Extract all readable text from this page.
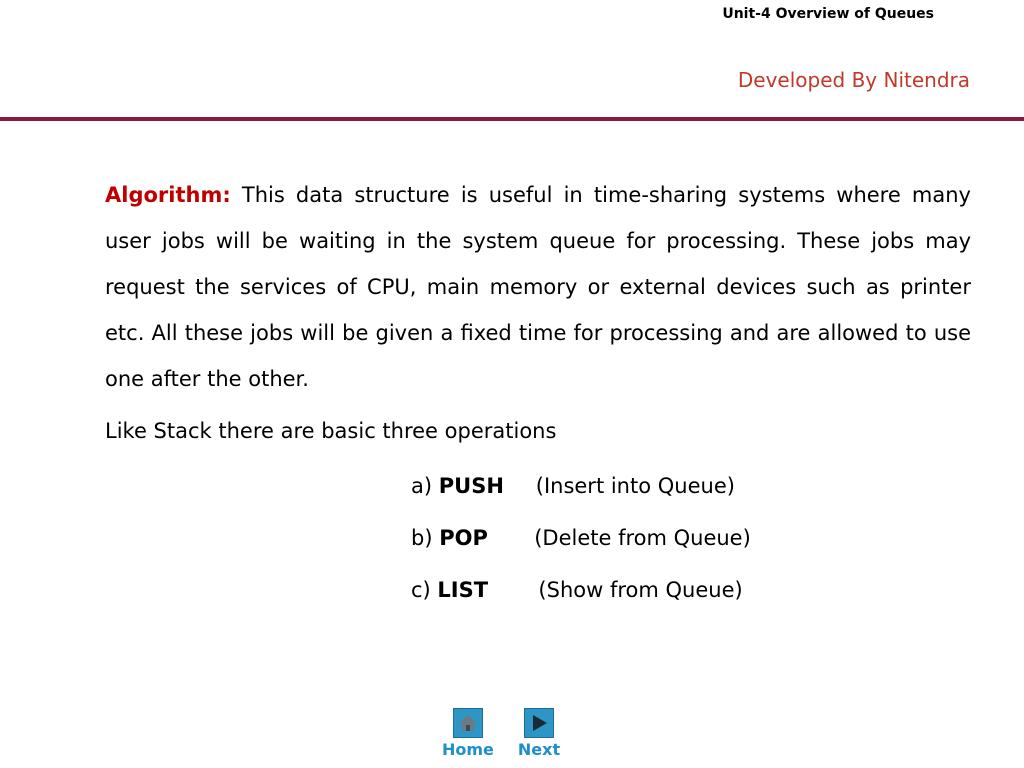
Unit-4 Overview of Queues
Developed By Nitendra

Algorithm: This data structure is useful in time-sharing systems where many user jobs will be waiting in the system queue for processing. These jobs may request the services of CPU, main memory or external devices such as printer etc. All these jobs will be given a fixed time for processing and are allowed to use one after the other.

Like Stack there are basic three operations

a) PUSH (Insert into Queue)
b) POP (Delete from Queue)
c) LIST (Show from Queue)
Home Next
